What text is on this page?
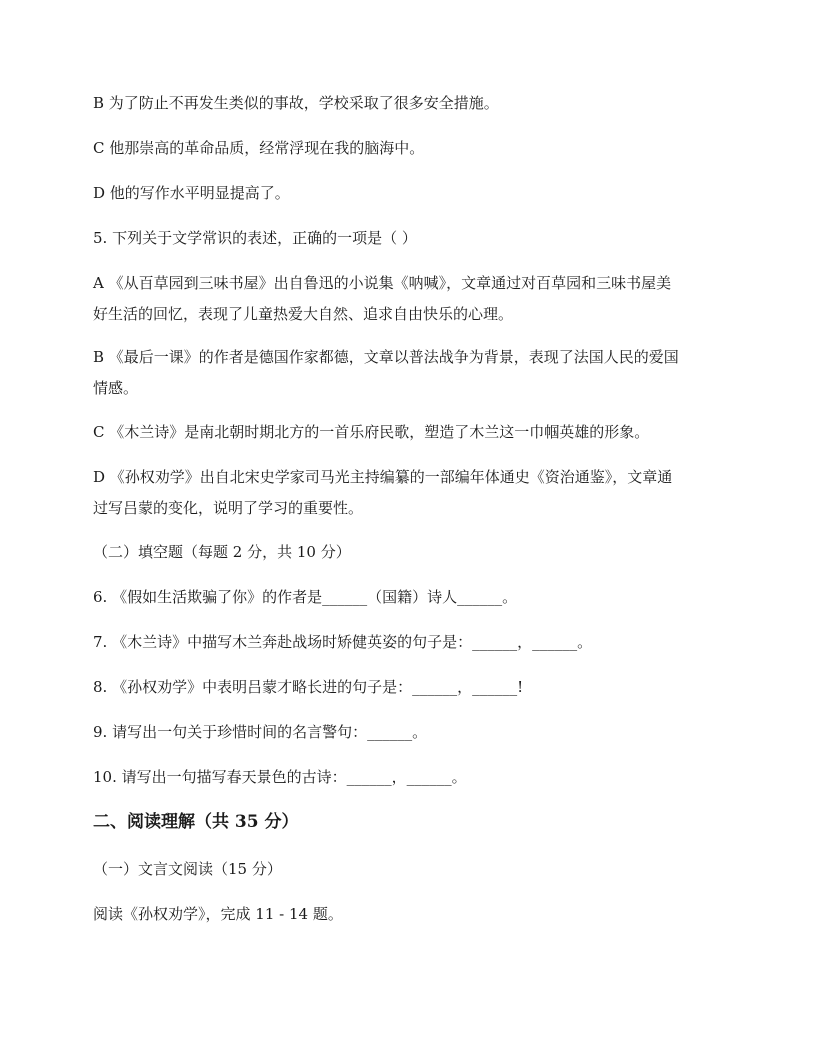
B 为了防止不再发生类似的事故，学校采取了很多安全措施。
C 他那崇高的革命品质，经常浮现在我的脑海中。
D 他的写作水平明显提高了。
5. 下列关于文学常识的表述，正确的一项是（ ）
A 《从百草园到三味书屋》出自鲁迅的小说集《呐喊》，文章通过对百草园和三味书屋美
好生活的回忆，表现了儿童热爱大自然、追求自由快乐的心理。
B 《最后一课》的作者是德国作家都德，文章以普法战争为背景，表现了法国人民的爱国
情感。
C 《木兰诗》是南北朝时期北方的一首乐府民歌，塑造了木兰这一巾帼英雄的形象。
D 《孙权劝学》出自北宋史学家司马光主持编纂的一部编年体通史《资治通鉴》，文章通
过写吕蒙的变化，说明了学习的重要性。
（二）填空题（每题 2 分，共 10 分）
6. 《假如生活欺骗了你》的作者是______（国籍）诗人______。
7. 《木兰诗》中描写木兰奔赴战场时矫健英姿的句子是：______，______。
8. 《孙权劝学》中表明吕蒙才略长进的句子是：______，______!
9. 请写出一句关于珍惜时间的名言警句：______。
10. 请写出一句描写春天景色的古诗：______，______。
二、阅读理解（共 35 分）
（一）文言文阅读（15 分）
阅读《孙权劝学》，完成 11 - 14 题。
